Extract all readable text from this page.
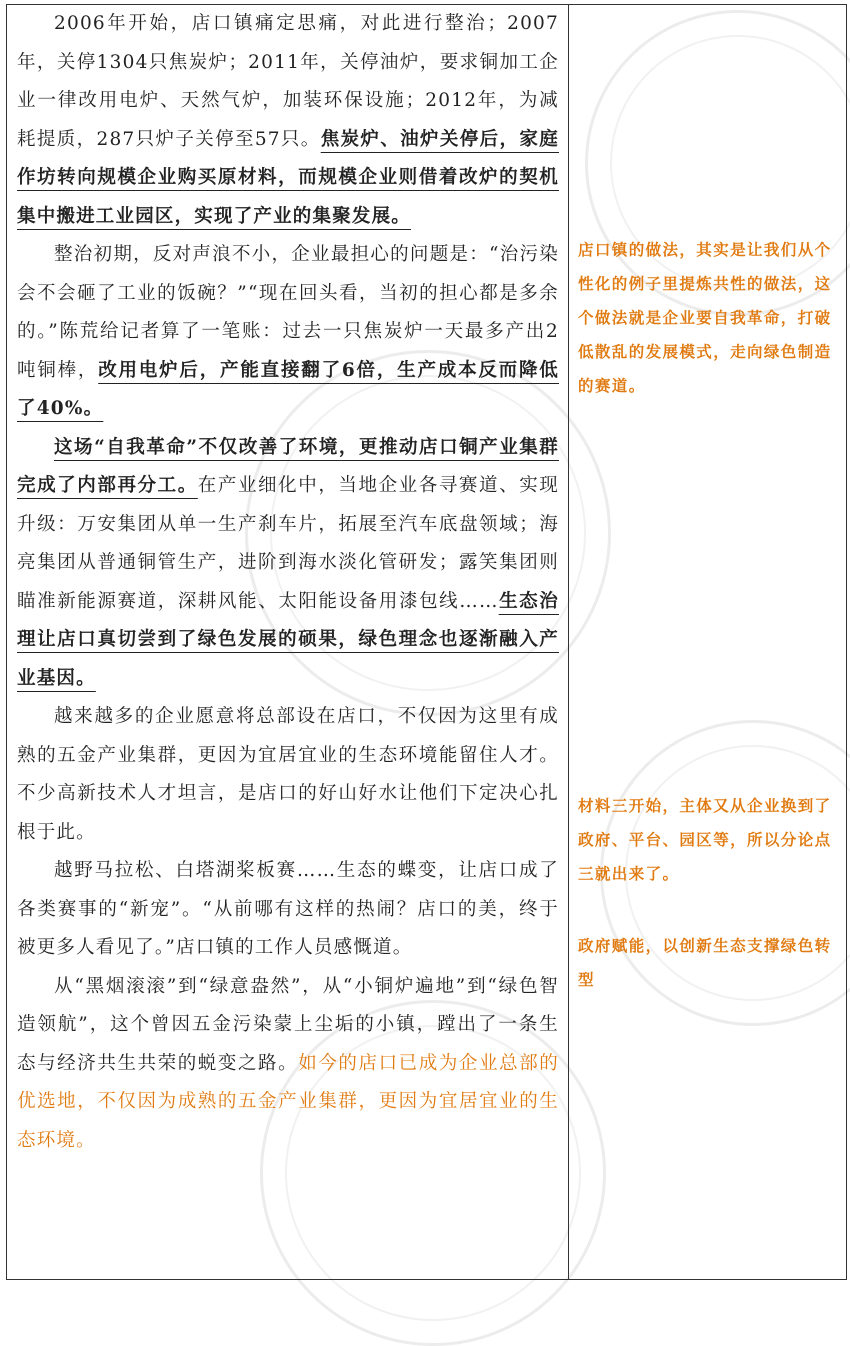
2006年开始，店口镇痛定思痛，对此进行整治；2007年，关停1304只焦炭炉；2011年，关停油炉，要求铜加工企业一律改用电炉、天然气炉，加装环保设施；2012年，为减耗提质，287只炉子关停至57只。焦炭炉、油炉关停后，家庭作坊转向规模企业购买原材料，而规模企业则借着改炉的契机集中搬进工业园区，实现了产业的集聚发展。

整治初期，反对声浪不小，企业最担心的问题是：“治污染会不会砸了工业的饭碗？”“现在回头看，当初的担心都是多余的。”陈荒给记者算了一笔账：过去一只焦炭炉一天最多产出2吨铜棒，改用电炉后，产能直接翻了6倍，生产成本反而降低了40%。

这场“自我革命”不仅改善了环境，更推动店口铜产业集群完成了内部再分工。在产业细化中，当地企业各寻赛道、实现升级：万安集团从单一生产刹车片，拓展至汽车底盘领域；海亮集团从普通铜管生产，进阶到海水淡化管研发；露笑集团则瞄准新能源赛道，深耕风能、太阳能设备用漆包线……生态治理让店口真切尝到了绿色发展的硕果，绿色理念也逐渐融入产业基因。

越来越多的企业愿意将总部设在店口，不仅因为这里有成熟的五金产业集群，更因为宜居宜业的生态环境能留住人才。不少高新技术人才坦言，是店口的好山好水让他们下定决心扎根于此。

越野马拉松、白塔湖桨板赛……生态的蝶变，让店口成了各类赛事的“新宠”。“从前哪有这样的热闹？店口的美，终于被更多人看见了。”店口镇的工作人员感慨道。

从“黑烟滚滚”到“绿意盎然”，从“小铜炉遍地”到“绿色智造领航”，这个曾因五金污染蒙上尘垢的小镇，蹚出了一条生态与经济共生共荣的蜕变之路。如今的店口已成为企业总部的优选地，不仅因为成熟的五金产业集群，更因为宜居宜业的生态环境。

店口镇的做法，其实是让我们从个性化的例子里提炼共性的做法，这个做法就是企业要自我革命，打破低散乱的发展模式，走向绿色制造的赛道。

材料三开始，主体又从企业换到了政府、平台、园区等，所以分论点三就出来了。

政府赋能，以创新生态支撑绿色转型
